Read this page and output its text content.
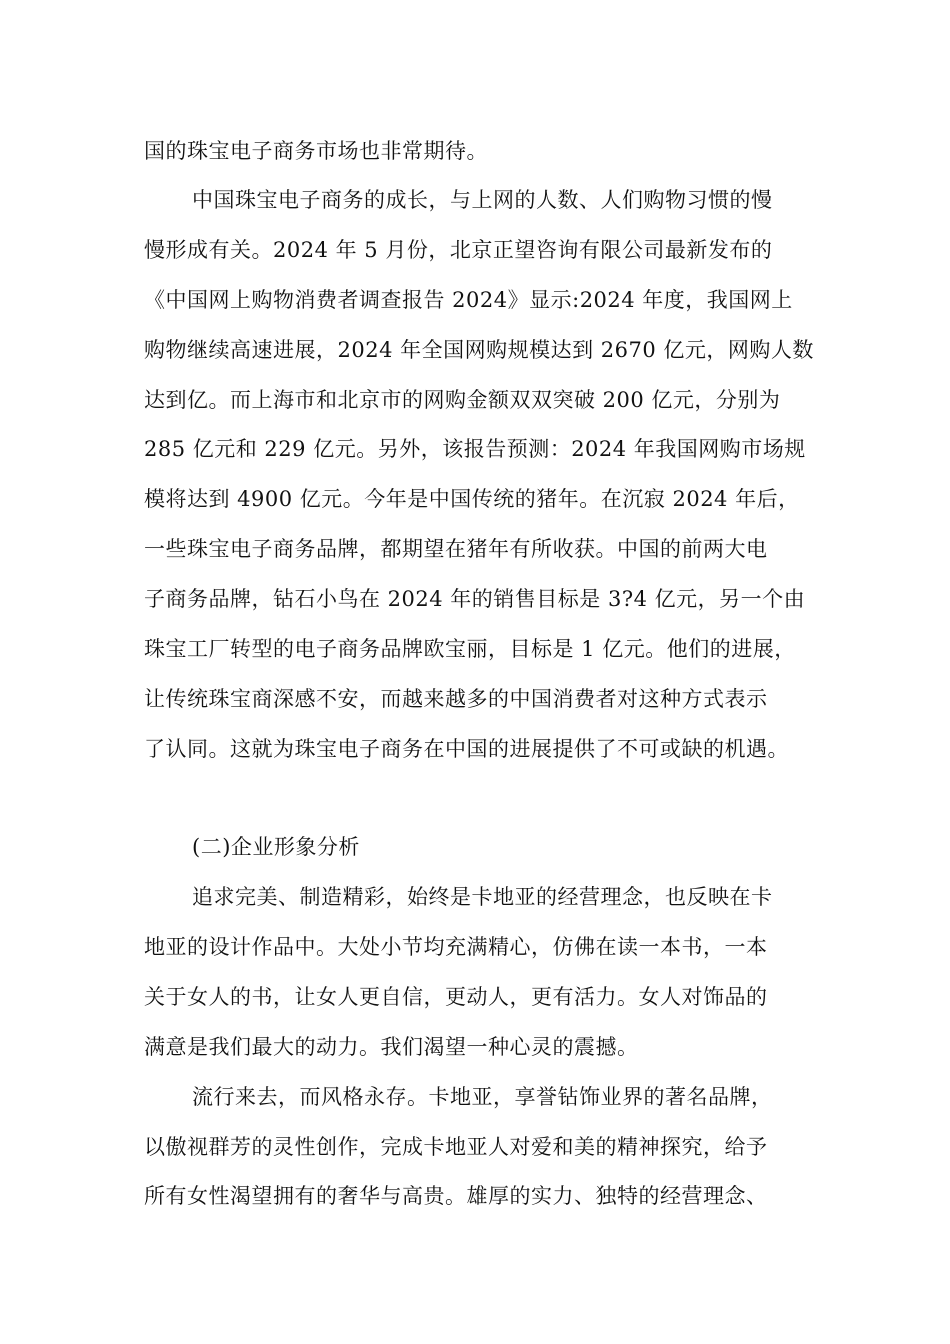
国的珠宝电子商务市场也非常期待。
中国珠宝电子商务的成长，与上网的人数、人们购物习惯的慢
慢形成有关。2024 年 5 月份，北京正望咨询有限公司最新发布的
《中国网上购物消费者调查报告 2024》显示:2024 年度，我国网上
购物继续高速进展，2024 年全国网购规模达到 2670 亿元，网购人数
达到亿。而上海市和北京市的网购金额双双突破 200 亿元，分别为
285 亿元和 229 亿元。另外，该报告预测：2024 年我国网购市场规
模将达到 4900 亿元。今年是中国传统的猪年。在沉寂 2024 年后，
一些珠宝电子商务品牌，都期望在猪年有所收获。中国的前两大电
子商务品牌，钻石小鸟在 2024 年的销售目标是 3?4 亿元，另一个由
珠宝工厂转型的电子商务品牌欧宝丽，目标是 1 亿元。他们的进展，
让传统珠宝商深感不安，而越来越多的中国消费者对这种方式表示
了认同。这就为珠宝电子商务在中国的进展提供了不可或缺的机遇。
(二)企业形象分析
追求完美、制造精彩，始终是卡地亚的经营理念，也反映在卡
地亚的设计作品中。大处小节均充满精心，仿佛在读一本书，一本
关于女人的书，让女人更自信，更动人，更有活力。女人对饰品的
满意是我们最大的动力。我们渴望一种心灵的震撼。
流行来去，而风格永存。卡地亚，享誉钻饰业界的著名品牌，
以傲视群芳的灵性创作，完成卡地亚人对爱和美的精神探究，给予
所有女性渴望拥有的奢华与高贵。雄厚的实力、独特的经营理念、
